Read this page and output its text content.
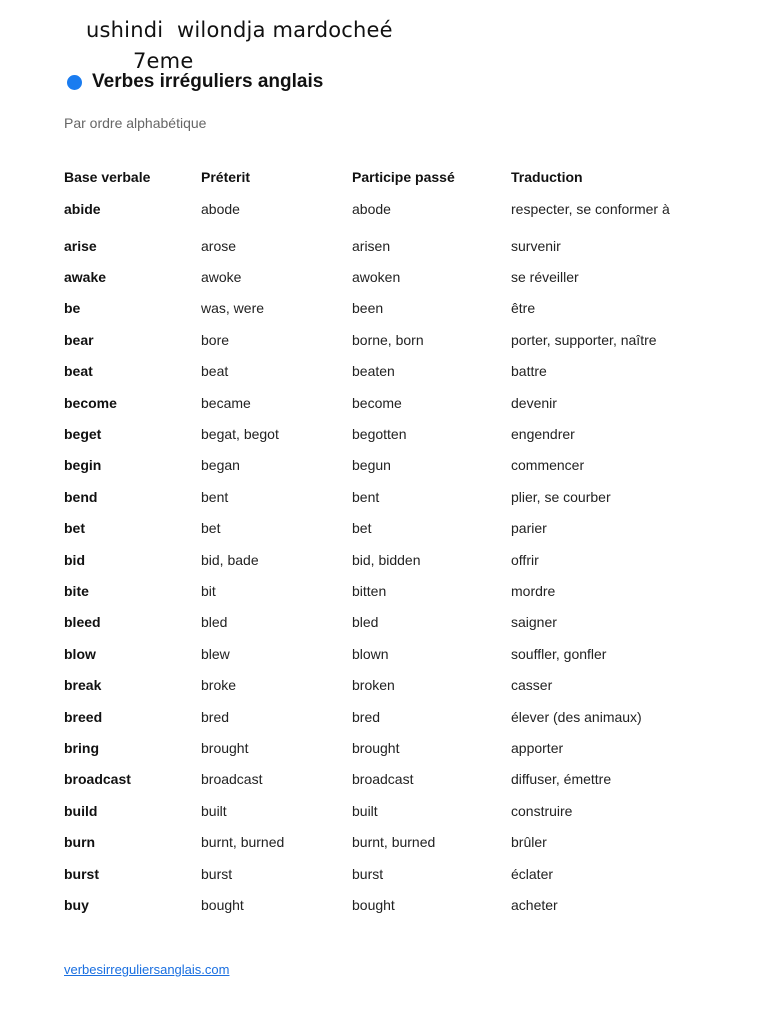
ushindi  wilondja mardocheé
7eme
Verbes irréguliers anglais
Par ordre alphabétique
Base verbale	Préterit	Participe passé	Traduction
abide	abode	abode	respecter, se conformer à
arise	arose	arisen	survenir
awake	awoke	awoken	se réveiller
be	was, were	been	être
bear	bore	borne, born	porter, supporter, naître
beat	beat	beaten	battre
become	became	become	devenir
beget	begat, begot	begotten	engendrer
begin	began	begun	commencer
bend	bent	bent	plier, se courber
bet	bet	bet	parier
bid	bid, bade	bid, bidden	offrir
bite	bit	bitten	mordre
bleed	bled	bled	saigner
blow	blew	blown	souffler, gonfler
break	broke	broken	casser
breed	bred	bred	élever (des animaux)
bring	brought	brought	apporter
broadcast	broadcast	broadcast	diffuser, émettre
build	built	built	construire
burn	burnt, burned	burnt, burned	brûler
burst	burst	burst	éclater
buy	bought	bought	acheter
verbesirreguliersanglais.com
